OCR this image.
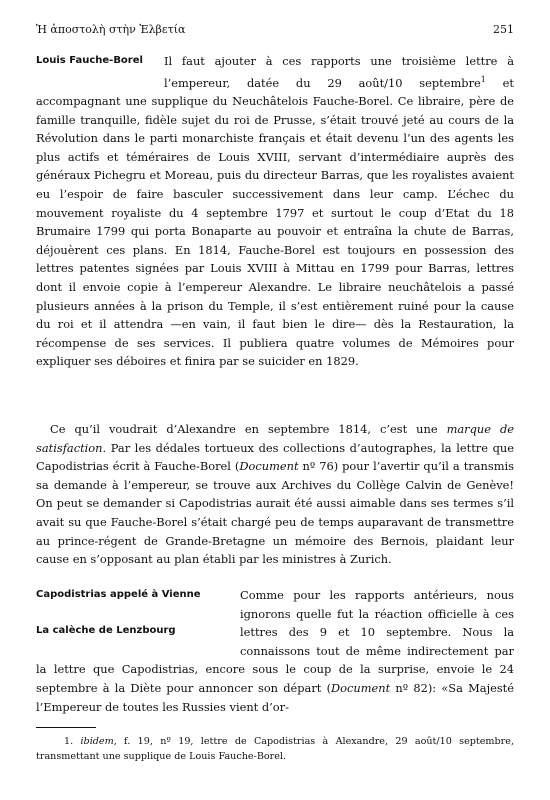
Ἡ ἀποστολὴ στὴν Ἑλβετία	251
Louis Fauche-Borel	Il faut ajouter à ces rapports une troisième lettre à l’empereur, datée du 29 août/10 septembre$^1$ et accompagnant une supplique du Neuchâtelois Fauche-Borel. Ce libraire, père de famille tranquille, fidèle sujet du roi de Prusse, s’était trouvé jeté au cours de la Révolution dans le parti monarchiste français et était devenu l’un des agents les plus actifs et téméraires de Louis XVIII, servant d’intermédiaire auprès des généraux Pichegru et Moreau, puis du directeur Barras, que les royalistes avaient eu l’espoir de faire basculer successivement dans leur camp. L’échec du mouvement royaliste du 4 septembre 1797 et surtout le coup d’Etat du 18 Brumaire 1799 qui porta Bonaparte au pouvoir et entraîna la chute de Barras, déjouèrent ces plans. En 1814, Fauche-Borel est toujours en possession des lettres patentes signées par Louis XVIII à Mittau en 1799 pour Barras, lettres dont il envoie copie à l’empereur Alexandre. Le libraire neuchâtelois a passé plusieurs années à la prison du Temple, il s’est entièrement ruiné pour la cause du roi et il attendra —en vain, il faut bien le dire— dès la Restauration, la récompense de ses services. Il publiera quatre volumes de Mémoires pour expliquer ses déboires et finira par se suicider en 1829.
Ce qu’il voudrait d’Alexandre en septembre 1814, c’est une marque de satisfaction. Par les dédales tortueux des collections d’autographes, la lettre que Capodistrias écrit à Fauche-Borel (Document nº 76) pour l’avertir qu’il a transmis sa demande à l’empereur, se trouve aux Archives du Collège Calvin de Genève! On peut se demander si Capodistrias aurait été aussi aimable dans ses termes s’il avait su que Fauche-Borel s’était chargé peu de temps auparavant de transmettre au prince-régent de Grande-Bretagne un mémoire des Bernois, plaidant leur cause en s’opposant au plan établi par les ministres à Zurich.
Capodistrias appelé à Vienne
La calèche de Lenzbourg
Comme pour les rapports antérieurs, nous ignorons quelle fut la réaction officielle à ces lettres des 9 et 10 septembre. Nous la connaissons tout de même indirectement par la lettre que Capodistrias, encore sous le coup de la surprise, envoie le 24 septembre à la Diète pour annoncer son départ (Document nº 82): «Sa Majesté l’Empereur de toutes les Russies vient d’or-
1. ibidem, f. 19, nº 19, lettre de Capodistrias à Alexandre, 29 août/10 septembre, transmettant une supplique de Louis Fauche-Borel.
